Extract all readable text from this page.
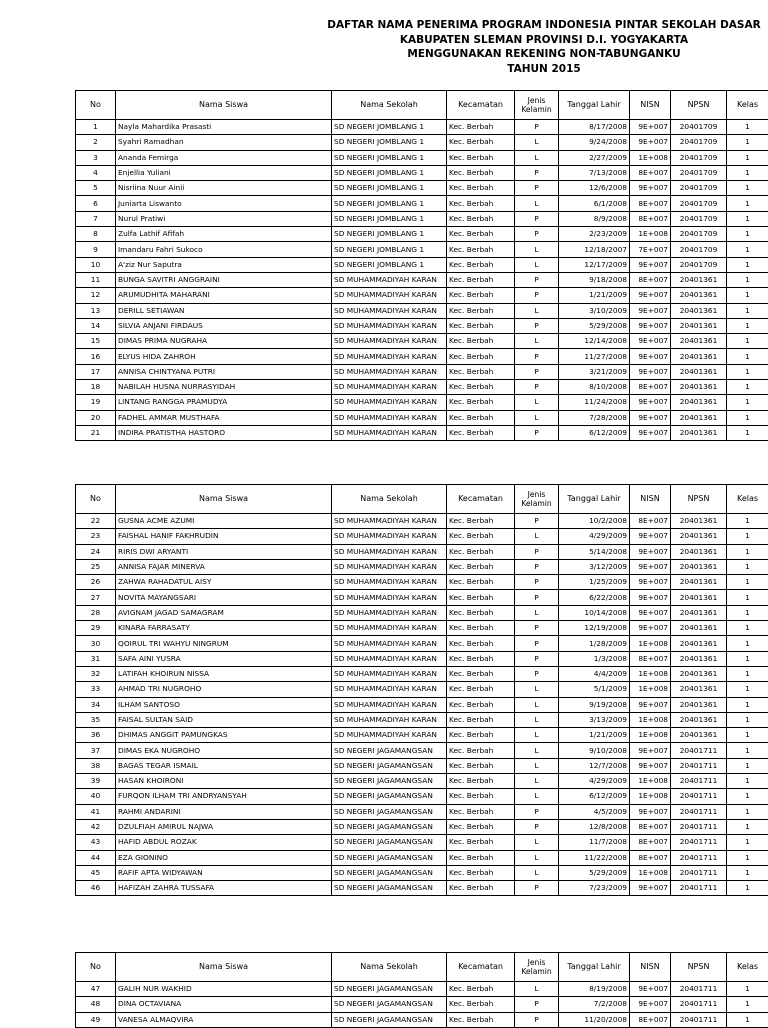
DAFTAR NAMA PENERIMA PROGRAM INDONESIA PINTAR SEKOLAH DASAR
KABUPATEN SLEMAN PROVINSI D.I. YOGYAKARTA
MENGGUNAKAN REKENING NON-TABUNGANKU
TAHUN 2015
No	Nama Siswa	Nama Sekolah	Kecamatan	Jenis Kelamin	Tanggal Lahir	NISN	NPSN	Kelas
1	Nayla Mahardika Prasasti	SD NEGERI JOMBLANG 1	Kec. Berbah	P	8/17/2008	9E+007	20401709	1
2	Syahri Ramadhan	SD NEGERI JOMBLANG 1	Kec. Berbah	L	9/24/2008	9E+007	20401709	1
3	Ananda Femirga	SD NEGERI JOMBLANG 1	Kec. Berbah	L	2/27/2009	1E+008	20401709	1
4	Enjellia Yuliani	SD NEGERI JOMBLANG 1	Kec. Berbah	P	7/13/2008	8E+007	20401709	1
5	Nisriina Nuur Ainii	SD NEGERI JOMBLANG 1	Kec. Berbah	P	12/6/2008	9E+007	20401709	1
6	Juniarta Liswanto	SD NEGERI JOMBLANG 1	Kec. Berbah	L	6/1/2008	8E+007	20401709	1
7	Nurul Pratiwi	SD NEGERI JOMBLANG 1	Kec. Berbah	P	8/9/2008	8E+007	20401709	1
8	Zulfa Lathif Afifah	SD NEGERI JOMBLANG 1	Kec. Berbah	P	2/23/2009	1E+008	20401709	1
9	Imandaru Fahri Sukoco	SD NEGERI JOMBLANG 1	Kec. Berbah	L	12/18/2007	7E+007	20401709	1
10	A'ziz Nur Saputra	SD NEGERI JOMBLANG 1	Kec. Berbah	L	12/17/2009	9E+007	20401709	1
11	BUNGA SAVITRI ANGGRAINI	SD MUHAMMADIYAH KARAN	Kec. Berbah	P	9/18/2008	8E+007	20401361	1
12	ARUMUDHITA MAHARANI	SD MUHAMMADIYAH KARAN	Kec. Berbah	P	1/21/2009	9E+007	20401361	1
13	DERILL SETIAWAN	SD MUHAMMADIYAH KARAN	Kec. Berbah	L	3/10/2009	9E+007	20401361	1
14	SILVIA ANJANI FIRDAUS	SD MUHAMMADIYAH KARAN	Kec. Berbah	P	5/29/2008	9E+007	20401361	1
15	DIMAS PRIMA NUGRAHA	SD MUHAMMADIYAH KARAN	Kec. Berbah	L	12/14/2008	9E+007	20401361	1
16	ELYUS HIDA ZAHROH	SD MUHAMMADIYAH KARAN	Kec. Berbah	P	11/27/2008	9E+007	20401361	1
17	ANNISA CHINTYANA PUTRI	SD MUHAMMADIYAH KARAN	Kec. Berbah	P	3/21/2009	9E+007	20401361	1
18	NABILAH HUSNA NURRASYIDAH	SD MUHAMMADIYAH KARAN	Kec. Berbah	P	8/10/2008	8E+007	20401361	1
19	LINTANG RANGGA PRAMUDYA	SD MUHAMMADIYAH KARAN	Kec. Berbah	L	11/24/2008	9E+007	20401361	1
20	FADHEL AMMAR MUSTHAFA	SD MUHAMMADIYAH KARAN	Kec. Berbah	L	7/28/2008	9E+007	20401361	1
21	INDIRA PRATISTHA HASTORO	SD MUHAMMADIYAH KARAN	Kec. Berbah	P	6/12/2009	9E+007	20401361	1
No	Nama Siswa	Nama Sekolah	Kecamatan	Jenis Kelamin	Tanggal Lahir	NISN	NPSN	Kelas
22	GUSNA ACME AZUMI	SD MUHAMMADIYAH KARAN	Kec. Berbah	P	10/2/2008	8E+007	20401361	1
23	FAISHAL HANIF FAKHRUDIN	SD MUHAMMADIYAH KARAN	Kec. Berbah	L	4/29/2009	9E+007	20401361	1
24	RIRIS DWI ARYANTI	SD MUHAMMADIYAH KARAN	Kec. Berbah	P	5/14/2008	9E+007	20401361	1
25	ANNISA FAJAR MINERVA	SD MUHAMMADIYAH KARAN	Kec. Berbah	P	3/12/2009	9E+007	20401361	1
26	ZAHWA RAHADATUL AISY	SD MUHAMMADIYAH KARAN	Kec. Berbah	P	1/25/2009	9E+007	20401361	1
27	NOVITA MAYANGSARI	SD MUHAMMADIYAH KARAN	Kec. Berbah	P	6/22/2008	9E+007	20401361	1
28	AVIGNAM JAGAD SAMAGRAM	SD MUHAMMADIYAH KARAN	Kec. Berbah	L	10/14/2008	9E+007	20401361	1
29	KINARA FARRASATY	SD MUHAMMADIYAH KARAN	Kec. Berbah	P	12/19/2008	9E+007	20401361	1
30	QOIRUL TRI WAHYU NINGRUM	SD MUHAMMADIYAH KARAN	Kec. Berbah	P	1/28/2009	1E+008	20401361	1
31	SAFA AINI YUSRA	SD MUHAMMADIYAH KARAN	Kec. Berbah	P	1/3/2008	8E+007	20401361	1
32	LATIFAH KHOIRUN NISSA	SD MUHAMMADIYAH KARAN	Kec. Berbah	P	4/4/2009	1E+008	20401361	1
33	AHMAD TRI NUGROHO	SD MUHAMMADIYAH KARAN	Kec. Berbah	L	5/1/2009	1E+008	20401361	1
34	ILHAM SANTOSO	SD MUHAMMADIYAH KARAN	Kec. Berbah	L	9/19/2008	9E+007	20401361	1
35	FAISAL SULTAN SAID	SD MUHAMMADIYAH KARAN	Kec. Berbah	L	3/13/2009	1E+008	20401361	1
36	DHIMAS ANGGIT PAMUNGKAS	SD MUHAMMADIYAH KARAN	Kec. Berbah	L	1/21/2009	1E+008	20401361	1
37	DIMAS EKA NUGROHO	SD NEGERI JAGAMANGSAN	Kec. Berbah	L	9/10/2008	9E+007	20401711	1
38	BAGAS TEGAR ISMAIL	SD NEGERI JAGAMANGSAN	Kec. Berbah	L	12/7/2008	9E+007	20401711	1
39	HASAN KHOIRONI	SD NEGERI JAGAMANGSAN	Kec. Berbah	L	4/29/2009	1E+008	20401711	1
40	FURQON ILHAM TRI ANDRYANSYAH	SD NEGERI JAGAMANGSAN	Kec. Berbah	L	6/12/2009	1E+008	20401711	1
41	RAHMI ANDARINI	SD NEGERI JAGAMANGSAN	Kec. Berbah	P	4/5/2009	9E+007	20401711	1
42	DZULFIAH AMIRUL NAJWA	SD NEGERI JAGAMANGSAN	Kec. Berbah	P	12/8/2008	8E+007	20401711	1
43	HAFID ABDUL ROZAK	SD NEGERI JAGAMANGSAN	Kec. Berbah	L	11/7/2008	8E+007	20401711	1
44	EZA GIONINO	SD NEGERI JAGAMANGSAN	Kec. Berbah	L	11/22/2008	8E+007	20401711	1
45	RAFIF APTA WIDYAWAN	SD NEGERI JAGAMANGSAN	Kec. Berbah	L	5/29/2009	1E+008	20401711	1
46	HAFIZAH ZAHRA TUSSAFA	SD NEGERI JAGAMANGSAN	Kec. Berbah	P	7/23/2009	9E+007	20401711	1
No	Nama Siswa	Nama Sekolah	Kecamatan	Jenis Kelamin	Tanggal Lahir	NISN	NPSN	Kelas
47	GALIH NUR WAKHID	SD NEGERI JAGAMANGSAN	Kec. Berbah	L	8/19/2008	9E+007	20401711	1
48	DINA OCTAVIANA	SD NEGERI JAGAMANGSAN	Kec. Berbah	P	7/2/2008	9E+007	20401711	1
49	VANESA ALMAQVIRA	SD NEGERI JAGAMANGSAN	Kec. Berbah	P	11/20/2008	8E+007	20401711	1
